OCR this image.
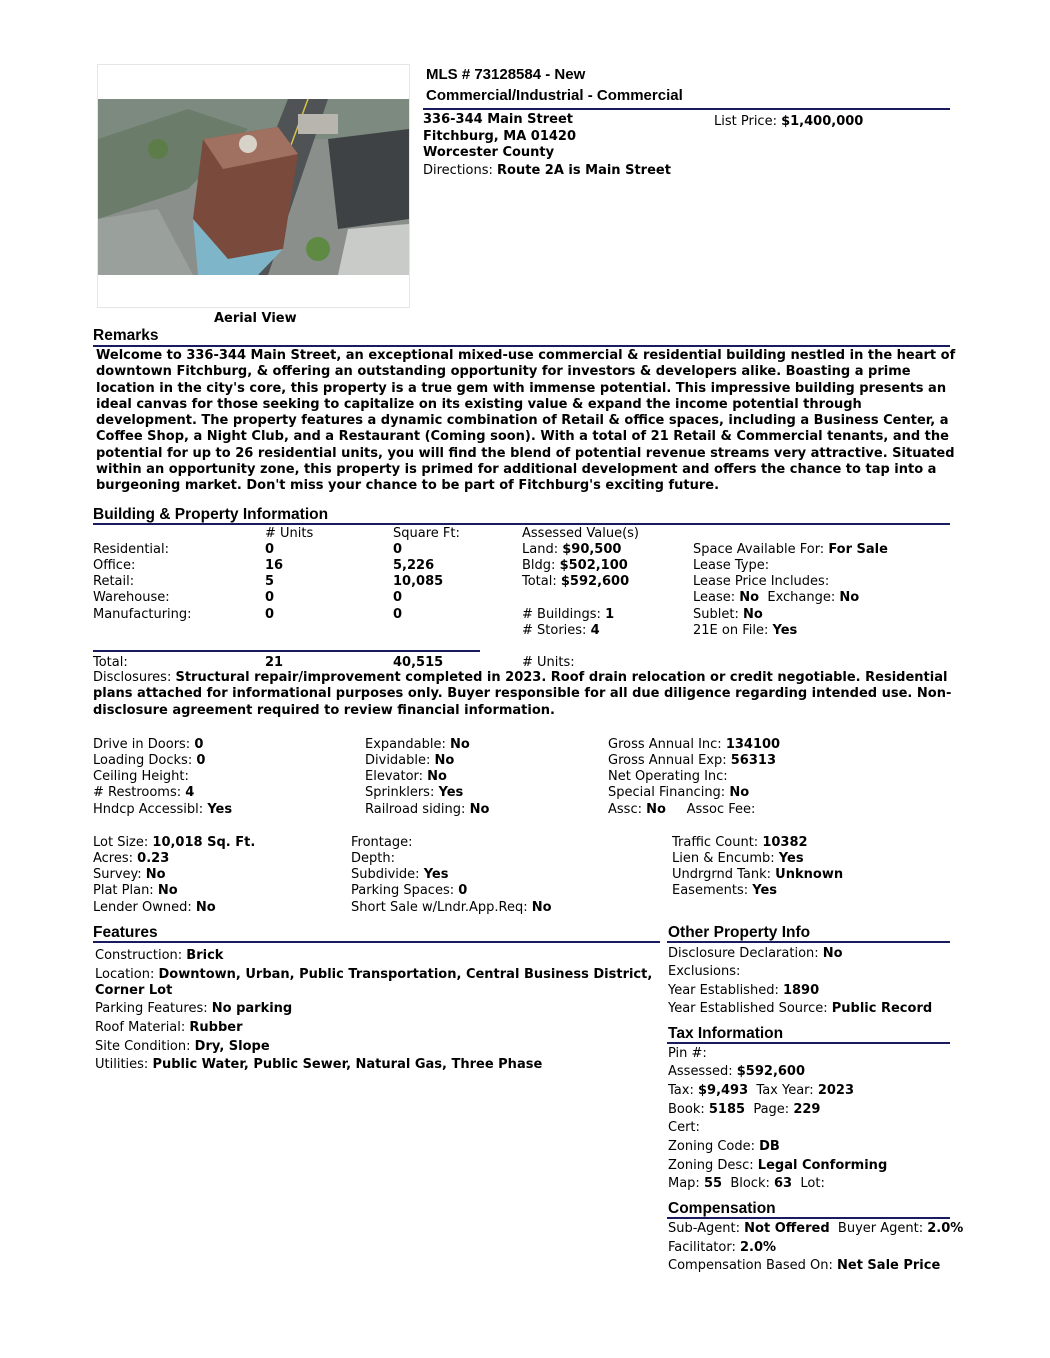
Aerial View
MLS # 73128584 - New
Commercial/Industrial - Commercial
336-344 Main Street
Fitchburg, MA 01420
Worcester County
Directions: Route 2A is Main Street
List Price: $1,400,000
Remarks
Welcome to 336-344 Main Street, an exceptional mixed-use commercial & residential building nestled in the heart of downtown Fitchburg, & offering an outstanding opportunity for investors & developers alike. Boasting a prime location in the city's core, this property is a true gem with immense potential. This impressive building presents an ideal canvas for those seeking to capitalize on its existing value & expand the income potential through development. The property features a dynamic combination of Retail & office spaces, including a Business Center, a Coffee Shop, a Night Club, and a Restaurant (Coming soon). With a total of 21 Retail & Commercial tenants, and the potential for up to 26 residential units, you will find the blend of potential revenue streams very attractive. Situated within an opportunity zone, this property is primed for additional development and offers the chance to tap into a burgeoning market. Don't miss your chance to be part of Fitchburg's exciting future.
Building & Property Information
# Units	Square Ft:	Assessed Value(s)
Residential:	0	0
Office:	16	5,226
Retail:	5	10,085
Warehouse:	0	0
Manufacturing:	0	0
Land: $90,500
Bldg: $502,100
Total: $592,600
# Buildings: 1
# Stories: 4
Space Available For: For Sale
Lease Type:
Lease Price Includes:
Lease: No Exchange: No
Sublet: No
21E on File: Yes
Total:	21	40,515	# Units:
Disclosures: Structural repair/improvement completed in 2023. Roof drain relocation or credit negotiable. Residential plans attached for informational purposes only. Buyer responsible for all due diligence regarding intended use. Non-disclosure agreement required to review financial information.
Drive in Doors: 0
Loading Docks: 0
Ceiling Height:
# Restrooms: 4
Hndcp Accessibl: Yes
Expandable: No
Dividable: No
Elevator: No
Sprinklers: Yes
Railroad siding: No
Gross Annual Inc: 134100
Gross Annual Exp: 56313
Net Operating Inc:
Special Financing: No
Assc: No Assoc Fee:
Lot Size: 10,018 Sq. Ft.
Acres: 0.23
Survey: No
Plat Plan: No
Lender Owned: No
Frontage:
Depth:
Subdivide: Yes
Parking Spaces: 0
Short Sale w/Lndr.App.Req: No
Traffic Count: 10382
Lien & Encumb: Yes
Undrgrnd Tank: Unknown
Easements: Yes
Features
Construction: Brick
Location: Downtown, Urban, Public Transportation, Central Business District,
Corner Lot
Parking Features: No parking
Roof Material: Rubber
Site Condition: Dry, Slope
Utilities: Public Water, Public Sewer, Natural Gas, Three Phase
Other Property Info
Disclosure Declaration: No
Exclusions:
Year Established: 1890
Year Established Source: Public Record
Tax Information
Pin #:
Assessed: $592,600
Tax: $9,493 Tax Year: 2023
Book: 5185 Page: 229
Cert:
Zoning Code: DB
Zoning Desc: Legal Conforming
Map: 55 Block: 63 Lot:
Compensation
Sub-Agent: Not Offered Buyer Agent: 2.0%
Facilitator: 2.0%
Compensation Based On: Net Sale Price
